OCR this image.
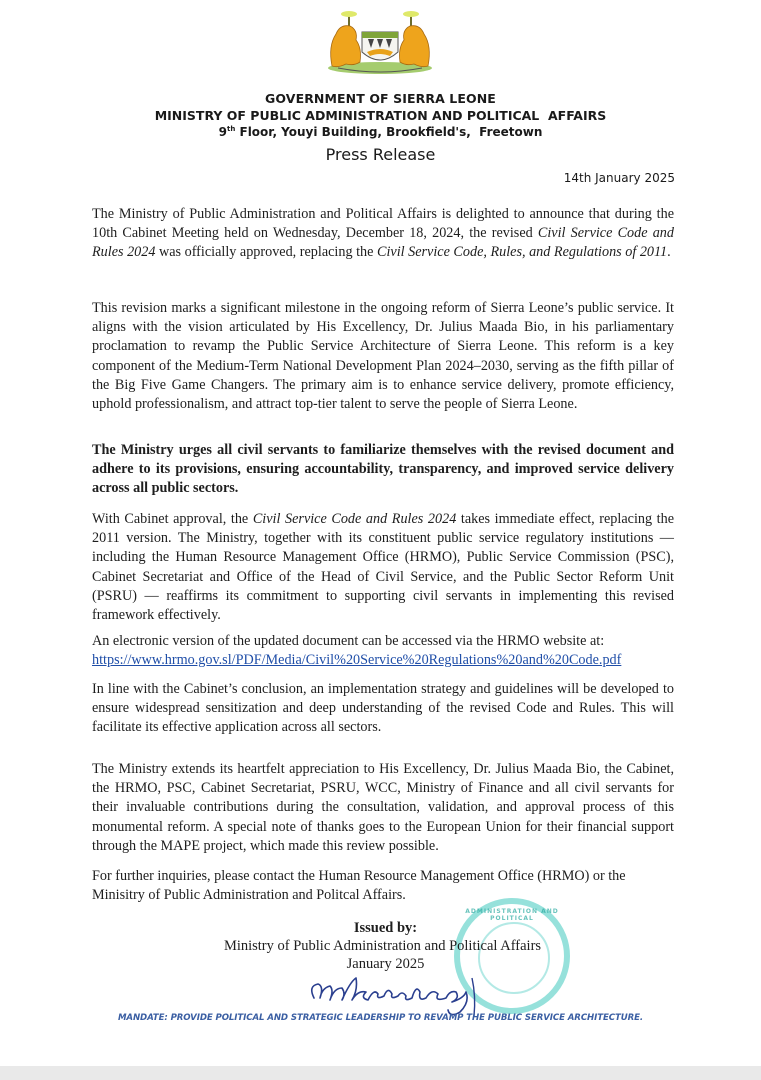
GOVERNMENT OF SIERRA LEONE
MINISTRY OF PUBLIC ADMINISTRATION AND POLITICAL  AFFAIRS
9th Floor, Youyi Building, Brookfield's,  Freetown
Press Release
14th January 2025

The Ministry of Public Administration and Political Affairs is delighted to announce that during the 10th Cabinet Meeting held on Wednesday, December 18, 2024, the revised Civil Service Code and Rules 2024 was officially approved, replacing the Civil Service Code, Rules, and Regulations of 2011.

This revision marks a significant milestone in the ongoing reform of Sierra Leone’s public service. It aligns with the vision articulated by His Excellency, Dr. Julius Maada Bio, in his parliamentary proclamation to revamp the Public Service Architecture of Sierra Leone. This reform is a key component of the Medium-Term National Development Plan 2024–2030, serving as the fifth pillar of the Big Five Game Changers. The primary aim is to enhance service delivery, promote efficiency, uphold professionalism, and attract top-tier talent to serve the people of Sierra Leone.

The Ministry urges all civil servants to familiarize themselves with the revised document and adhere to its provisions, ensuring accountability, transparency, and improved service delivery across all public sectors.

With Cabinet approval, the Civil Service Code and Rules 2024 takes immediate effect, replacing the 2011 version. The Ministry, together with its constituent public service regulatory institutions — including the Human Resource Management Office (HRMO), Public Service Commission (PSC), Cabinet Secretariat and Office of the Head of Civil Service, and the Public Sector Reform Unit (PSRU) — reaffirms its commitment to supporting civil servants in implementing this revised framework effectively.

An electronic version of the updated document can be accessed via the HRMO website at:

https://www.hrmo.gov.sl/PDF/Media/Civil%20Service%20Regulations%20and%20Code.pdf

In line with the Cabinet’s conclusion, an implementation strategy and guidelines will be developed to ensure widespread sensitization and deep understanding of the revised Code and Rules. This will facilitate its effective application across all sectors.

The Ministry extends its heartfelt appreciation to His Excellency, Dr. Julius Maada Bio, the Cabinet, the HRMO, PSC, Cabinet Secretariat, PSRU, WCC, Ministry of Finance and all civil servants for their invaluable contributions during the consultation, validation, and approval process of this monumental reform. A special note of thanks goes to the European Union for their financial support through the MAPE project, which made this review possible.

For further inquiries, please contact the Human Resource Management Office (HRMO) or the Minisitry of Public Administration and Politcal Affairs.

ADMINISTRATION AND POLITICAL
Issued by:
Ministry of Public Administration and Political Affairs
January 2025
MANDATE: PROVIDE POLITICAL AND STRATEGIC LEADERSHIP TO REVAMP THE PUBLIC SERVICE ARCHITECTURE.
